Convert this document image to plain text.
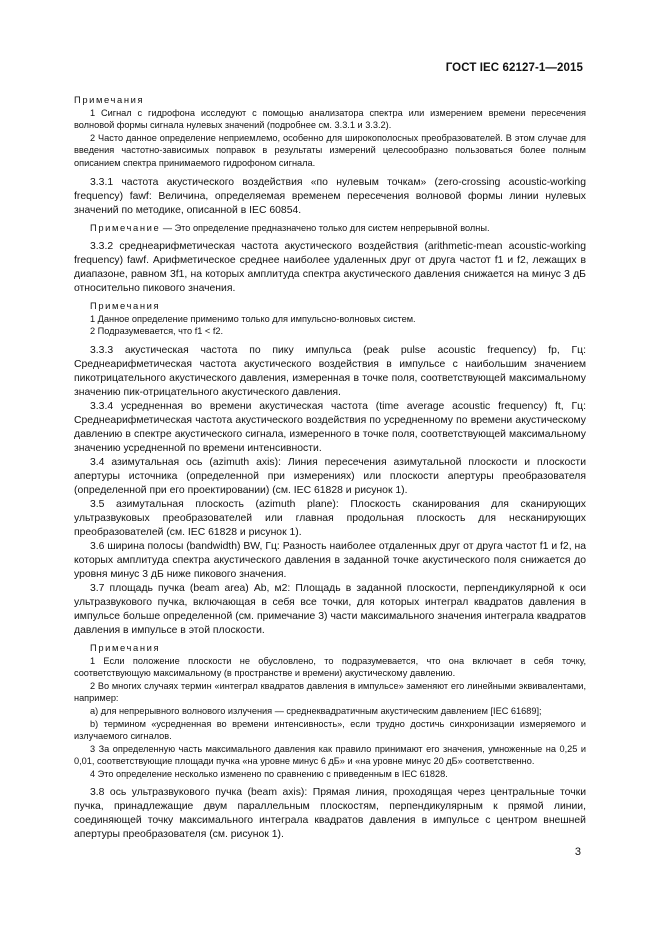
ГОСТ IEC 62127-1—2015

Примечания

1 Сигнал с гидрофона исследуют с помощью анализатора спектра или измерением времени пересечения волновой формы сигнала нулевых значений (подробнее см. 3.3.1 и 3.3.2).

2 Часто данное определение неприемлемо, особенно для широкополосных преобразователей. В этом случае для введения частотно-зависимых поправок в результаты измерений целесообразно пользоваться более полным описанием спектра принимаемого гидрофоном сигнала.

3.3.1 частота акустического воздействия «по нулевым точкам» (zero-crossing acoustic-working frequency) fawf: Величина, определяемая временем пересечения волновой формы линии нулевых значений по методике, описанной в IEC 60854.

Примечание — Это определение предназначено только для систем непрерывной волны.

3.3.2 среднеарифметическая частота акустического воздействия (arithmetic-mean acoustic-working frequency) fawf. Арифметическое среднее наиболее удаленных друг от друга частот f1 и f2, лежащих в диапазоне, равном 3f1, на которых амплитуда спектра акустического давления снижается на минус 3 дБ относительно пикового значения.

Примечания

1 Данное определение применимо только для импульсно-волновых систем.

2 Подразумевается, что f1 < f2.

3.3.3 акустическая частота по пику импульса (peak pulse acoustic frequency) fp, Гц: Среднеарифметическая частота акустического воздействия в импульсе с наибольшим значением пикотрицательного акустического давления, измеренная в точке поля, соответствующей максимальному значению пик-отрицательного акустического давления.

3.3.4 усредненная во времени акустическая частота (time average acoustic frequency) ft, Гц: Среднеарифметическая частота акустического воздействия по усредненному по времени акустическому давлению в спектре акустического сигнала, измеренного в точке поля, соответствующей максимальному значению усредненной по времени интенсивности.

3.4 азимутальная ось (azimuth axis): Линия пересечения азимутальной плоскости и плоскости апертуры источника (определенной при измерениях) или плоскости апертуры преобразователя (определенной при его проектировании) (см. IEC 61828 и рисунок 1).

3.5 азимутальная плоскость (azimuth plane): Плоскость сканирования для сканирующих ультразвуковых преобразователей или главная продольная плоскость для несканирующих преобразователей (см. IEC 61828 и рисунок 1).

3.6 ширина полосы (bandwidth) BW, Гц: Разность наиболее отдаленных друг от друга частот f1 и f2, на которых амплитуда спектра акустического давления в заданной точке акустического поля снижается до уровня минус 3 дБ ниже пикового значения.

3.7 площадь пучка (beam area) Ab, м2: Площадь в заданной плоскости, перпендикулярной к оси ультразвукового пучка, включающая в себя все точки, для которых интеграл квадратов давления в импульсе больше определенной (см. примечание 3) части максимального значения интеграла квадратов давления в импульсе в этой плоскости.

Примечания

1 Если положение плоскости не обусловлено, то подразумевается, что она включает в себя точку, соответствующую максимальному (в пространстве и времени) акустическому давлению.

2 Во многих случаях термин «интеграл квадратов давления в импульсе» заменяют его линейными эквивалентами, например:

а) для непрерывного волнового излучения — среднеквадратичным акустическим давлением [IEC 61689];

b) термином «усредненная во времени интенсивность», если трудно достичь синхронизации измеряемого и излучаемого сигналов.

3 За определенную часть максимального давления как правило принимают его значения, умноженные на 0,25 и 0,01, соответствующие площади пучка «на уровне минус 6 дБ» и «на уровне минус 20 дБ» соответственно.

4 Это определение несколько изменено по сравнению с приведенным в IEC 61828.

3.8 ось ультразвукового пучка (beam axis): Прямая линия, проходящая через центральные точки пучка, принадлежащие двум параллельным плоскостям, перпендикулярным к прямой линии, соединяющей точку максимального интеграла квадратов давления в импульсе с центром внешней апертуры преобразователя (см. рисунок 1).

3
